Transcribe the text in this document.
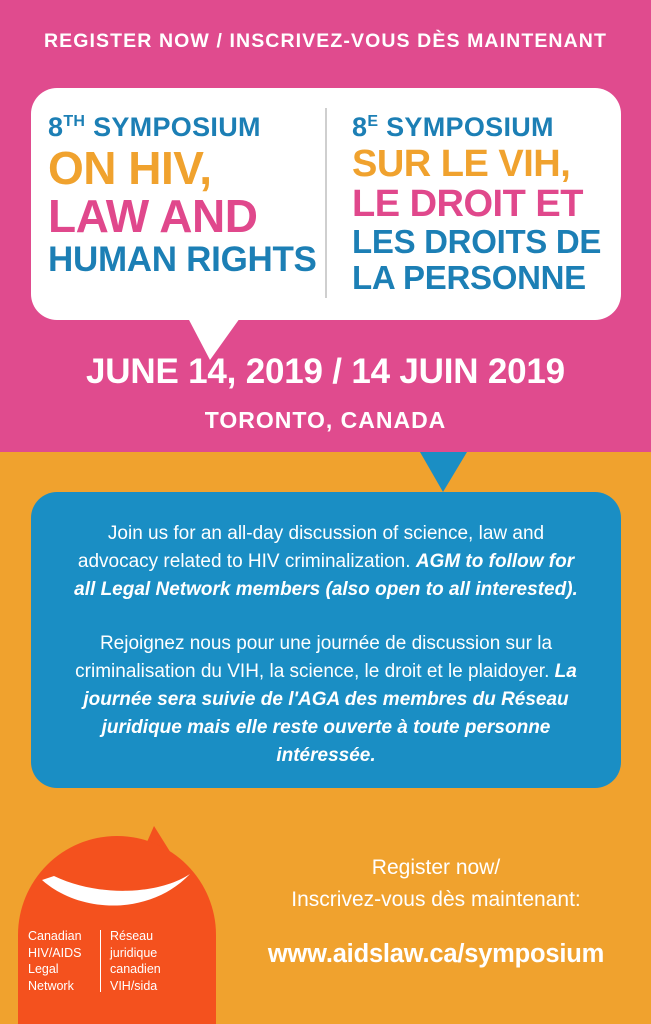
REGISTER NOW / INSCRIVEZ-VOUS DÈS MAINTENANT
8TH SYMPOSIUM
ON HIV,
LAW AND
HUMAN RIGHTS
$8^E$ SYMPOSIUM
SUR LE VIH,
LE DROIT ET
LES DROITS DE
LA PERSONNE
JUNE 14, 2019 / 14 JUIN 2019
TORONTO, CANADA

Join us for an all-day discussion of science, law and advocacy related to HIV criminalization. AGM to follow for all Legal Network members (also open to all interested).

Rejoignez nous pour une journée de discussion sur la criminalisation du VIH, la science, le droit et le plaidoyer. La journée sera suivie de l'AGA des membres du Réseau juridique mais elle reste ouverte à toute personne intéressée.

Canadian
HIV/AIDS
Legal
Network
Réseau
juridique
canadien
VIH/sida
Register now/
Inscrivez-vous dès maintenant:
www.aidslaw.ca/symposium
